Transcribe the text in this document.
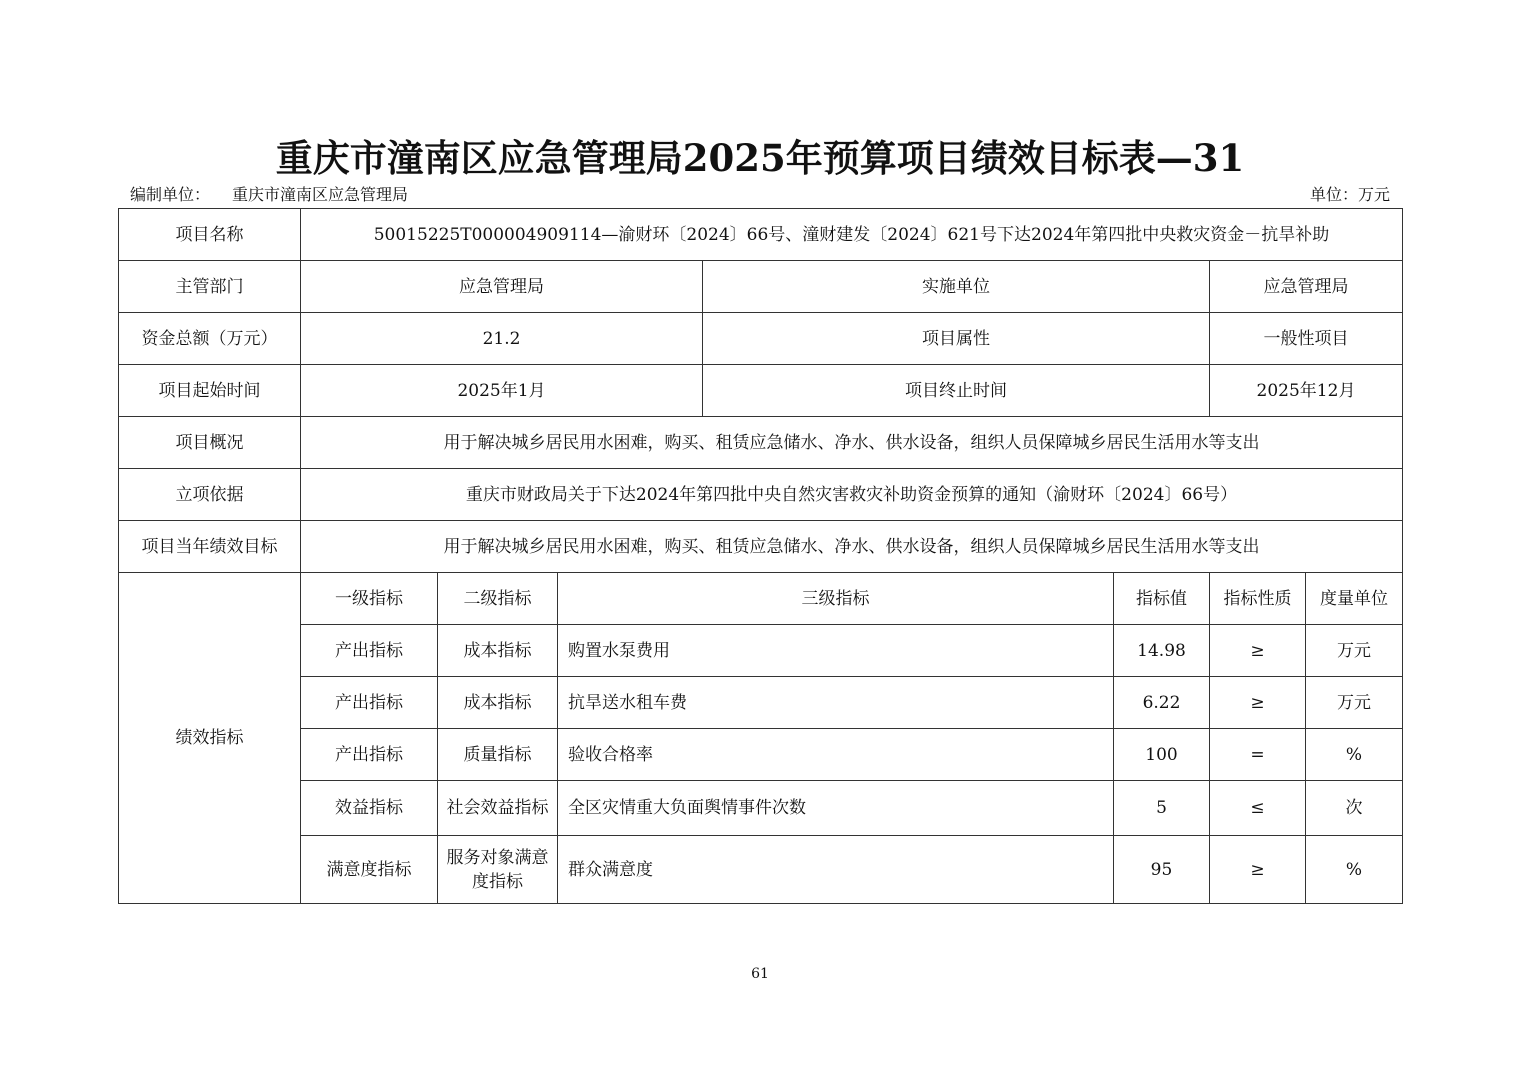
重庆市潼南区应急管理局2025年预算项目绩效目标表—31
编制单位： 重庆市潼南区应急管理局	单位：万元
项目名称	50015225T000004909114—渝财环〔2024〕66号、潼财建发〔2024〕621号下达2024年第四批中央救灾资金－抗旱补助						
主管部门	应急管理局			实施单位		应急管理局	
资金总额（万元）	21.2			项目属性		一般性项目	
项目起始时间	2025年1月			项目终止时间		2025年12月	
项目概况	用于解决城乡居民用水困难，购买、租赁应急储水、净水、供水设备，组织人员保障城乡居民生活用水等支出						
立项依据	重庆市财政局关于下达2024年第四批中央自然灾害救灾补助资金预算的通知（渝财环〔2024〕66号）						
项目当年绩效目标	用于解决城乡居民用水困难，购买、租赁应急储水、净水、供水设备，组织人员保障城乡居民生活用水等支出						
绩效指标	一级指标	二级指标	三级指标		指标值	指标性质	度量单位
	产出指标	成本指标	购置水泵费用		14.98	≥	万元
	产出指标	成本指标	抗旱送水租车费		6.22	≥	万元
	产出指标	质量指标	验收合格率		100	=	%
	效益指标	社会效益指标	全区灾情重大负面舆情事件次数		5	≤	次
	满意度指标	服务对象满意度指标	群众满意度		95	≥	%
61
